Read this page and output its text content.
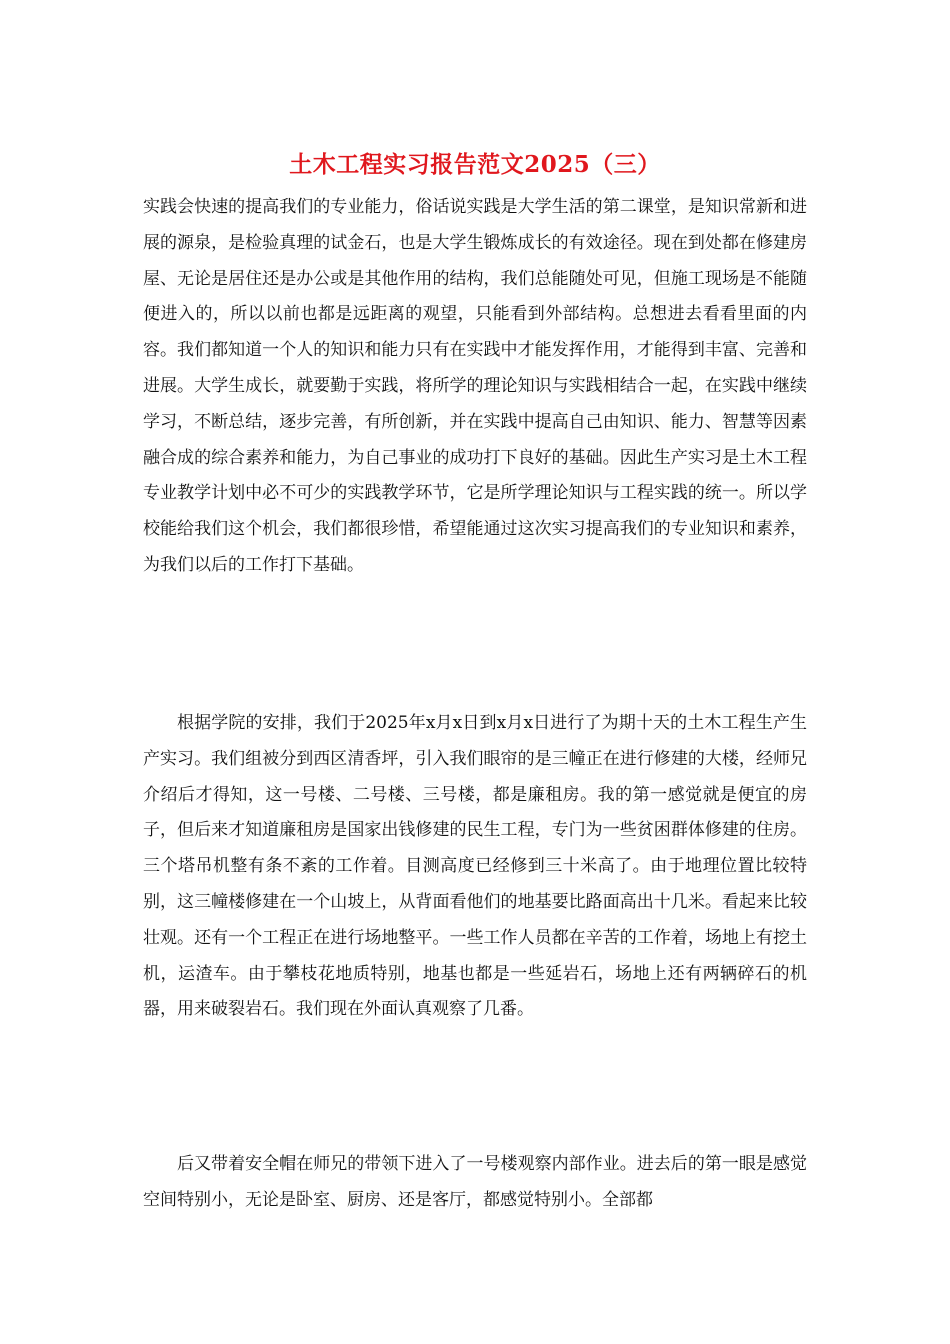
土木工程实习报告范文2025（三）

实践会快速的提高我们的专业能力，俗话说实践是大学生活的第二课堂，是知识常新和进展的源泉，是检验真理的试金石，也是大学生锻炼成长的有效途径。现在到处都在修建房屋、无论是居住还是办公或是其他作用的结构，我们总能随处可见，但施工现场是不能随便进入的，所以以前也都是远距离的观望，只能看到外部结构。总想进去看看里面的内容。我们都知道一个人的知识和能力只有在实践中才能发挥作用，才能得到丰富、完善和进展。大学生成长，就要勤于实践，将所学的理论知识与实践相结合一起，在实践中继续学习，不断总结，逐步完善，有所创新，并在实践中提高自己由知识、能力、智慧等因素融合成的综合素养和能力，为自己事业的成功打下良好的基础。因此生产实习是土木工程专业教学计划中必不可少的实践教学环节，它是所学理论知识与工程实践的统一。所以学校能给我们这个机会，我们都很珍惜，希望能通过这次实习提高我们的专业知识和素养，为我们以后的工作打下基础。

根据学院的安排，我们于2025年x月x日到x月x日进行了为期十天的土木工程生产生产实习。我们组被分到西区清香坪，引入我们眼帘的是三幢正在进行修建的大楼，经师兄介绍后才得知，这一号楼、二号楼、三号楼，都是廉租房。我的第一感觉就是便宜的房子，但后来才知道廉租房是国家出钱修建的民生工程，专门为一些贫困群体修建的住房。三个塔吊机整有条不紊的工作着。目测高度已经修到三十米高了。由于地理位置比较特别，这三幢楼修建在一个山坡上，从背面看他们的地基要比路面高出十几米。看起来比较壮观。还有一个工程正在进行场地整平。一些工作人员都在辛苦的工作着，场地上有挖土机，运渣车。由于攀枝花地质特别，地基也都是一些延岩石，场地上还有两辆碎石的机器，用来破裂岩石。我们现在外面认真观察了几番。

后又带着安全帽在师兄的带领下进入了一号楼观察内部作业。进去后的第一眼是感觉空间特别小，无论是卧室、厨房、还是客厅，都感觉特别小。全部都
